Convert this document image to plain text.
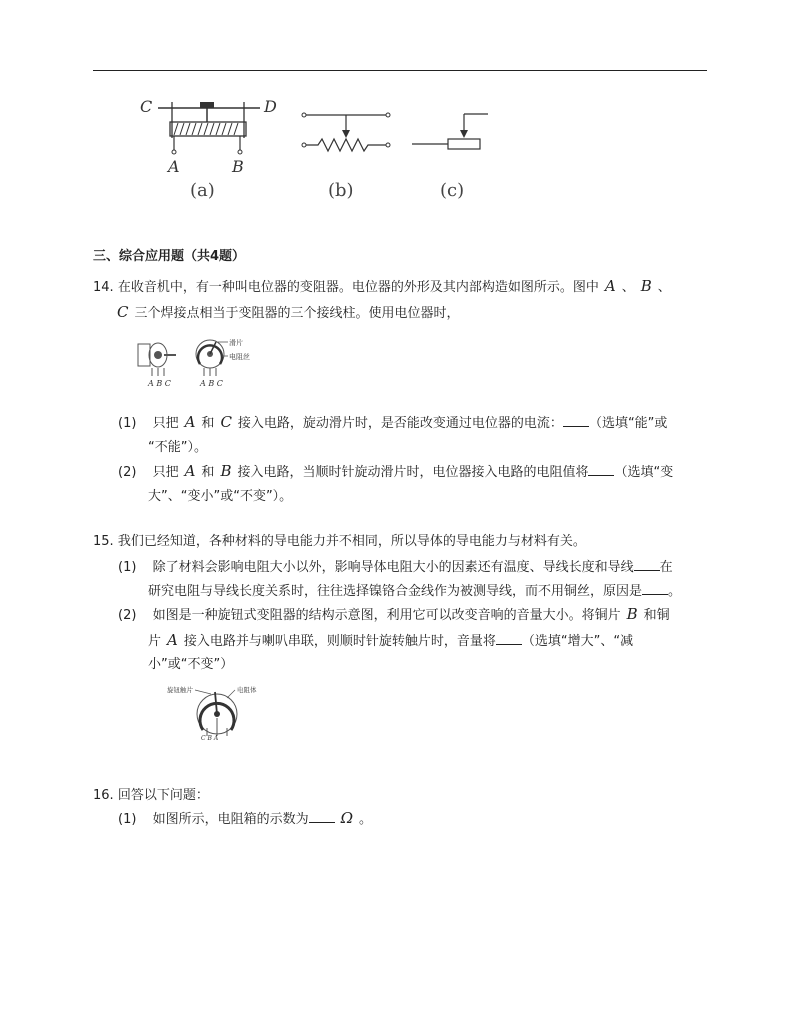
C	D
A	B
(a)	(b)	(c)
三、综合应用题（共4题）
14. 在收音机中，有一种叫电位器的变阻器。电位器的外形及其内部构造如图所示。图中 A 、 B 、
C 三个焊接点相当于变阻器的三个接线柱。使用电位器时，
滑片
电阻丝
A B C	A B C
(1) 只把 A 和 C 接入电路，旋动滑片时，是否能改变通过电位器的电流： （选填“能”或
“不能”）。
(2) 只把 A 和 B 接入电路，当顺时针旋动滑片时，电位器接入电路的电阻值将 （选填“变
大”、“变小”或“不变”）。
15. 我们已经知道，各种材料的导电能力并不相同，所以导体的导电能力与材料有关。
(1) 除了材料会影响电阻大小以外，影响导体电阻大小的因素还有温度、导线长度和导线 在
研究电阻与导线长度关系时，往往选择镍铬合金线作为被测导线，而不用铜丝，原因是 。
(2) 如图是一种旋钮式变阻器的结构示意图，利用它可以改变音响的音量大小。将铜片 B 和铜
片 A 接入电路并与喇叭串联，则顺时针旋转触片时，音量将 （选填“增大”、“减
小”或“不变”）
旋钮触片	电阻体
C B A
16. 回答以下问题：
(1) 如图所示，电阻箱的示数为 Ω 。
